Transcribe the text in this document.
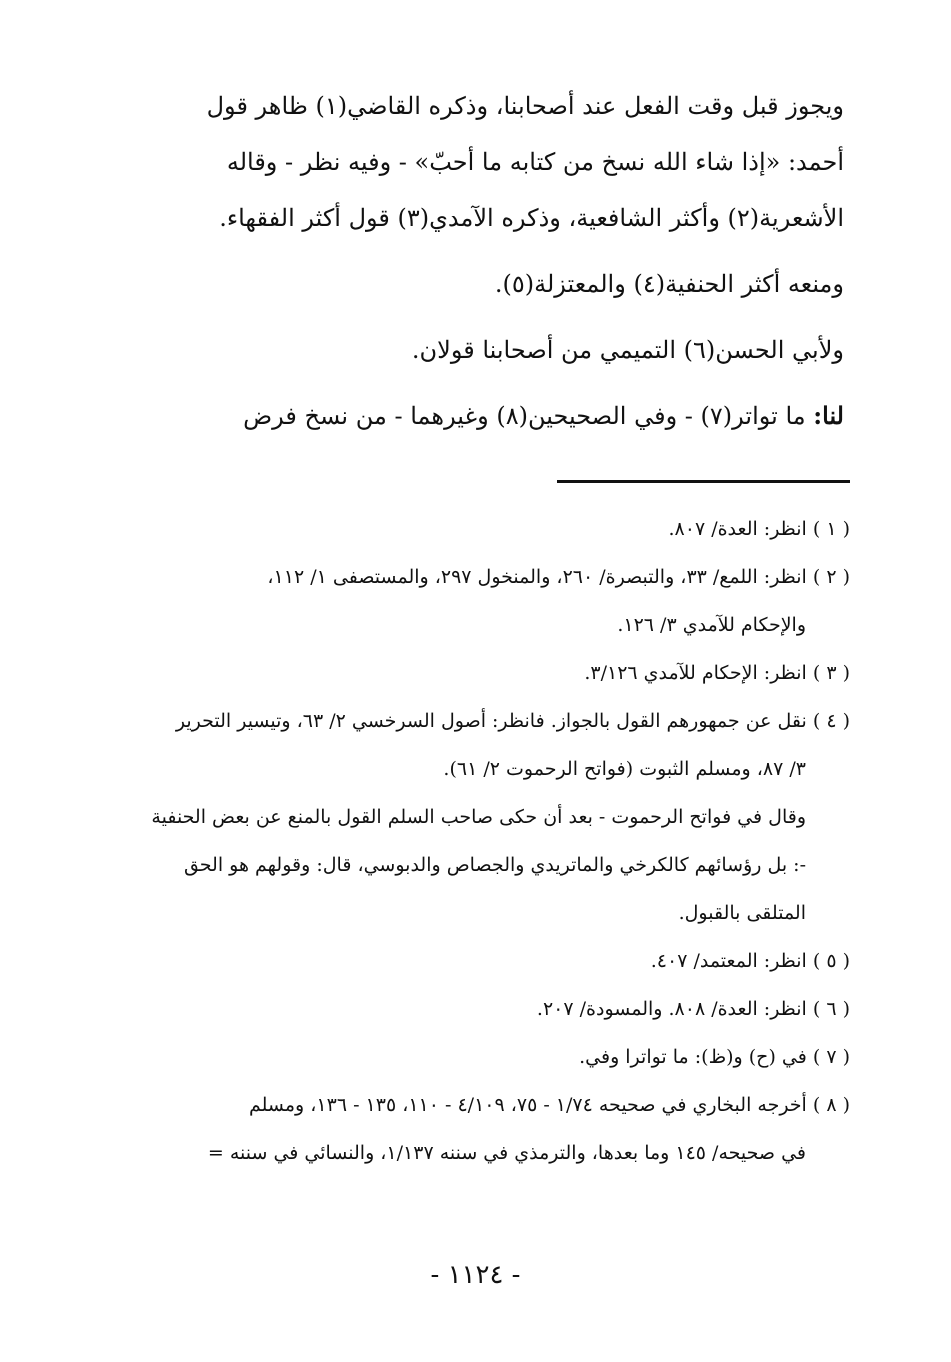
ويجوز قبل وقت الفعل عند أصحابنا، وذكره القاضي(١) ظاهر قول

أحمد: «إذا شاء الله نسخ من كتابه ما أحبّ» - وفيه نظر - وقاله

الأشعرية(٢) وأكثر الشافعية، وذكره الآمدي(٣) قول أكثر الفقهاء.

ومنعه أكثر الحنفية(٤) والمعتزلة(٥).

ولأبي الحسن(٦) التميمي من أصحابنا قولان.

لنا: ما تواتر(٧) - وفي الصحيحين(٨) وغيرهما - من نسخ فرض

( ١ ) انظر: العدة/ ٨٠٧.

( ٢ ) انظر: اللمع/ ٣٣، والتبصرة/ ٢٦٠، والمنخول ٢٩٧، والمستصفى ١/ ١١٢،

والإحكام للآمدي ٣/ ١٢٦.

( ٣ ) انظر: الإحكام للآمدي ٣/١٢٦.

( ٤ ) نقل عن جمهورهم القول بالجواز. فانظر: أصول السرخسي ٢/ ٦٣، وتيسير التحرير

٣/ ٨٧، ومسلم الثبوت (فواتح الرحموت ٢/ ٦١).

وقال في فواتح الرحموت - بعد أن حكى صاحب السلم القول بالمنع عن بعض الحنفية

-: بل رؤسائهم كالكرخي والماتريدي والجصاص والدبوسي، قال: وقولهم هو الحق

المتلقى بالقبول.

( ٥ ) انظر: المعتمد/ ٤٠٧.

( ٦ ) انظر: العدة/ ٨٠٨. والمسودة/ ٢٠٧.

( ٧ ) في (ح) و(ظ): ما تواترا وفي.

( ٨ ) أخرجه البخاري في صحيحه ١/٧٤ - ٧٥، ٤/١٠٩ - ١١٠، ١٣٥ - ١٣٦، ومسلم

في صحيحه/ ١٤٥ وما بعدها، والترمذي في سننه ١/١٣٧، والنسائي في سننه =

- ١١٢٤ -
